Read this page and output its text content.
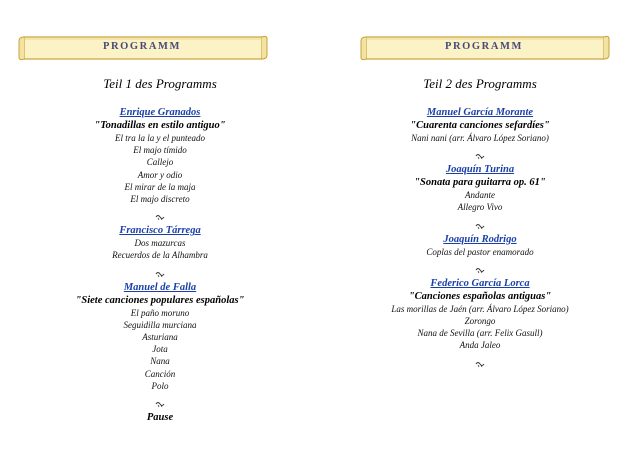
PROGRAMM
Teil 1 des Programms
Enrique Granados
"Tonadillas en estilo antiguo"
El tra la la y el punteado
El majo tímido
Callejo
Amor y odio
El mirar de la maja
El majo discreto
Francisco Tárrega
Dos mazurcas
Recuerdos de la Alhambra
Manuel de Falla
"Siete canciones populares españolas"
El paño moruno
Seguidilla murciana
Asturiana
Jota
Nana
Canción
Polo
Pause
PROGRAMM
Teil 2 des Programms
Manuel García Morante
"Cuarenta canciones sefardíes"
Nani nani (arr. Álvaro López Soriano)
Joaquín Turina
"Sonata para guitarra op. 61"
Andante
Allegro Vivo
Joaquín Rodrigo
Coplas del pastor enamorado
Federico García Lorca
"Canciones españolas antiguas"
Las morillas de Jaén (arr. Álvaro López Soriano)
Zorongo
Nana de Sevilla (arr. Felix Gasull)
Anda Jaleo
